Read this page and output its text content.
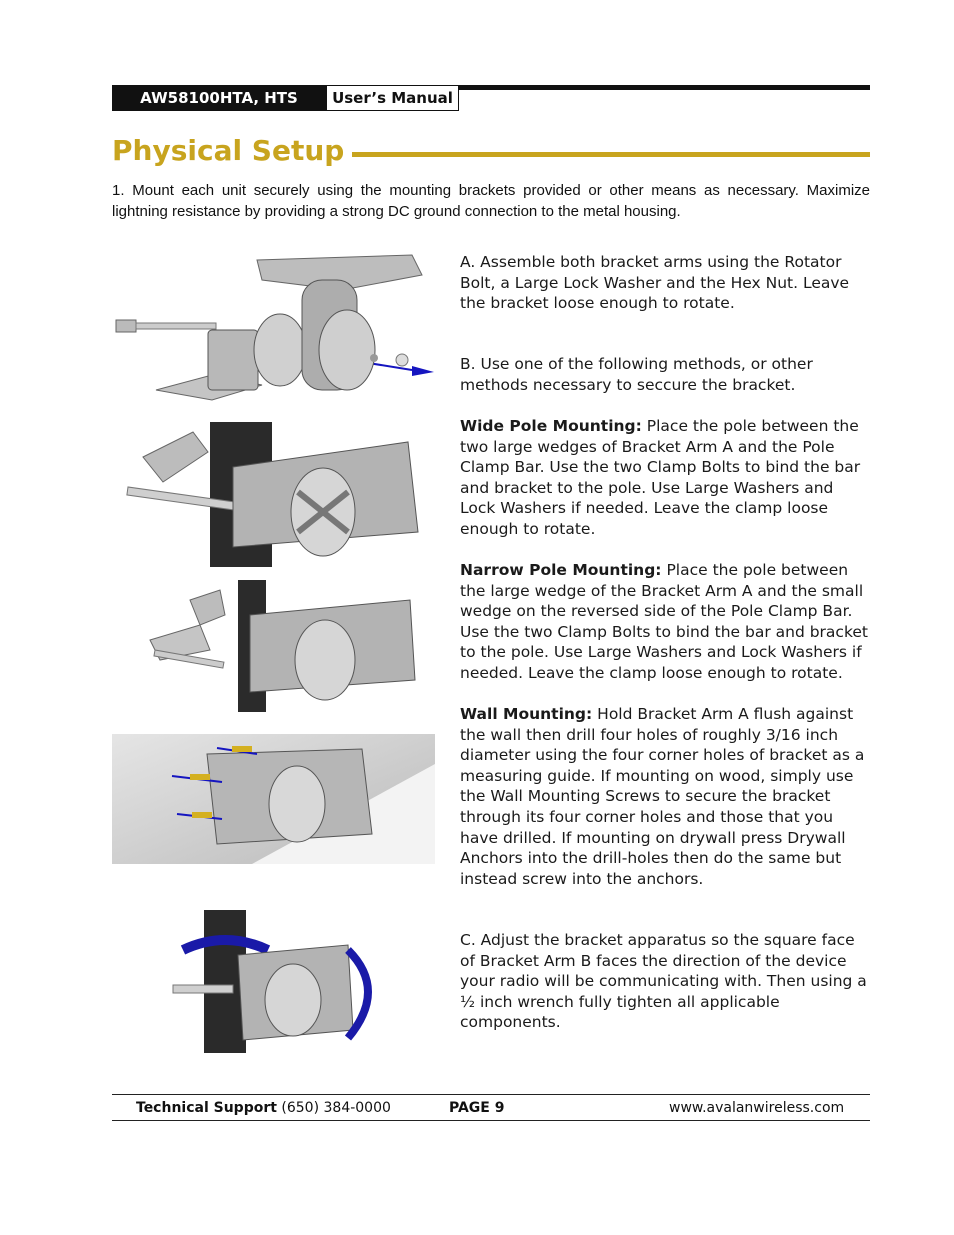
AW58100HTA, HTS	User’s Manual
Physical Setup
1. Mount each unit securely using the mounting brackets provided or other means as necessary. Maximize lightning resistance by providing a strong DC ground connection to the metal housing.
A. Assemble both bracket arms using the Rotator Bolt, a Large Lock Washer and the Hex Nut. Leave the bracket loose enough to rotate.
B. Use one of the following methods, or other methods necessary to seccure the bracket.
Wide Pole Mounting: Place the pole between the two large wedges of Bracket Arm A and the Pole Clamp Bar. Use the two Clamp Bolts to bind the bar and bracket to the pole. Use Large Washers and Lock Washers if needed. Leave the clamp loose enough to rotate.
Narrow Pole Mounting: Place the pole between the large wedge of the Bracket Arm A and the small wedge on the reversed side of the Pole Clamp Bar. Use the two Clamp Bolts to bind the bar and bracket to the pole. Use Large Washers and Lock Washers if needed. Leave the clamp loose enough to rotate.
Wall Mounting: Hold Bracket Arm A flush against the wall then drill four holes of roughly 3/16 inch diameter using the four corner holes of bracket as a measuring guide. If mounting on wood, simply use the Wall Mounting Screws to secure the bracket through its four corner holes and those that you have drilled. If mounting on drywall press Drywall Anchors into the drill-holes then do the same but instead screw into the anchors.
C. Adjust the bracket apparatus so the square face of Bracket Arm B faces the direction of the device your radio will be communicating with. Then using a ½ inch wrench fully tighten all applicable components.
Technical Support (650) 384-0000	PAGE 9	www.avalanwireless.com
